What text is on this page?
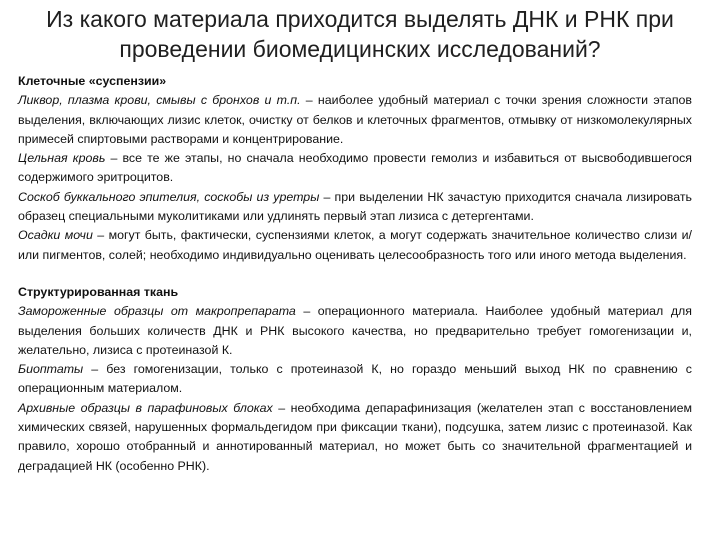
Из какого материала приходится выделять ДНК и РНК при проведении биомедицинских исследований?
Клеточные «суспензии»

Ликвор, плазма крови, смывы с бронхов и т.п. – наиболее удобный материал с точки зрения сложности этапов выделения, включающих лизис клеток, очистку от белков и клеточных фрагментов, отмывку от низкомолекулярных примесей спиртовыми растворами и концентрирование.

Цельная кровь – все те же этапы, но сначала необходимо провести гемолиз и избавиться от высвободившегося содержимого эритроцитов.

Соскоб буккального эпителия, соскобы из уретры – при выделении НК зачастую приходится сначала лизировать образец специальными муколитиками или удлинять первый этап лизиса с детергентами.

Осадки мочи – могут быть, фактически, суспензиями клеток, а могут содержать значительное количество слизи и/или пигментов, солей; необходимо индивидуально оценивать целесообразность того или иного метода выделения.

Структурированная ткань

Замороженные образцы от макропрепарата – операционного материала. Наиболее удобный материал для выделения больших количеств ДНК и РНК высокого качества, но предварительно требует гомогенизации и, желательно, лизиса с протеиназой К.

Биоптаты – без гомогенизации, только с протеиназой К, но гораздо меньший выход НК по сравнению с операционным материалом.

Архивные образцы в парафиновых блоках – необходима депарафинизация (желателен этап с восстановлением химических связей, нарушенных формальдегидом при фиксации ткани), подсушка, затем лизис с протеиназой. Как правило, хорошо отобранный и аннотированный материал, но может быть со значительной фрагментацией и деградацией НК (особенно РНК).
